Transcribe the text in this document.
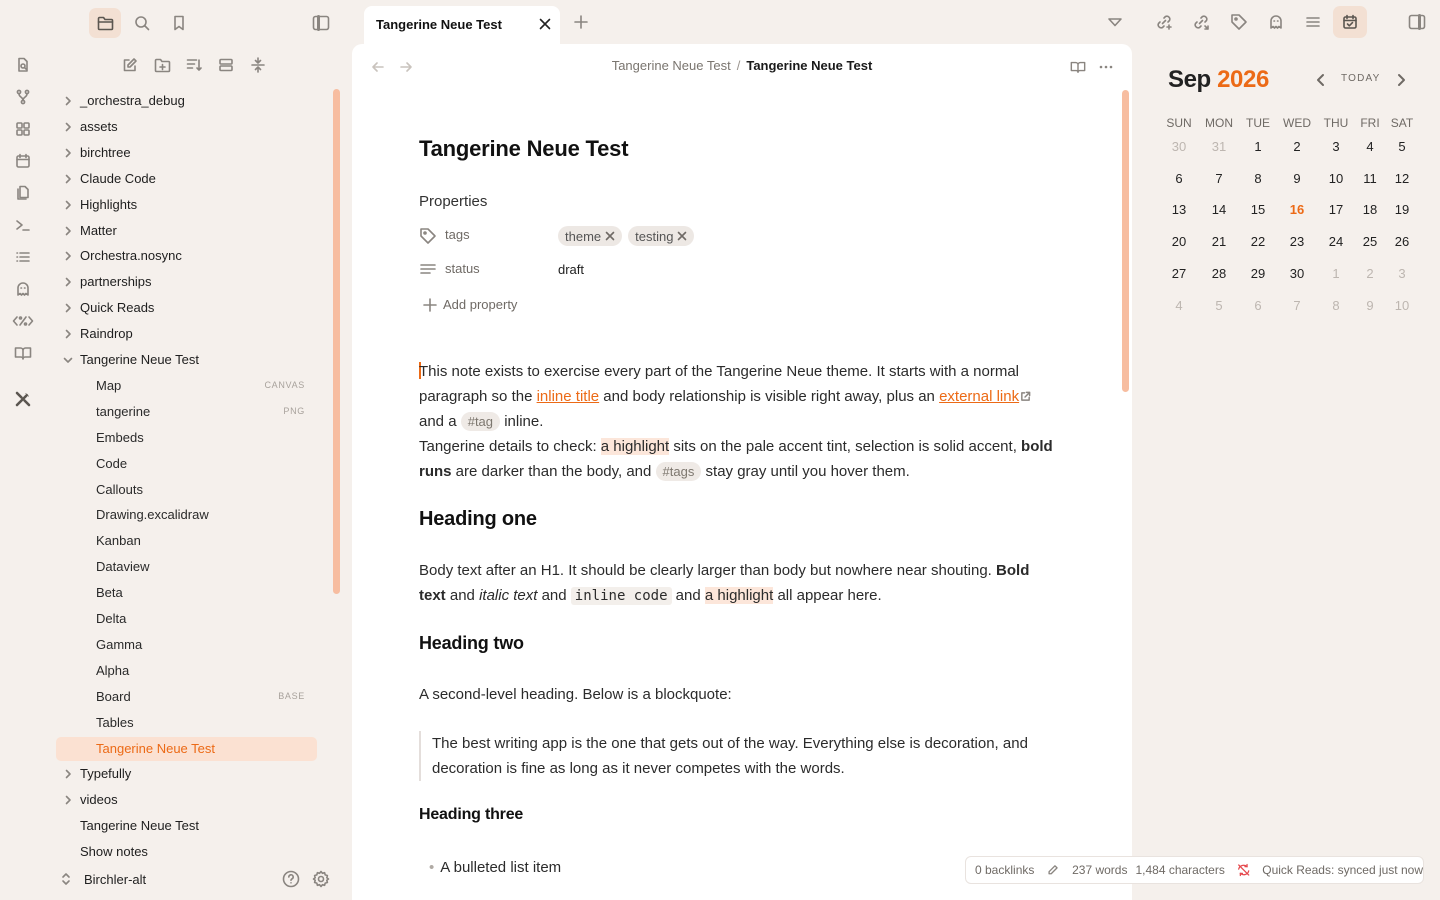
_orchestra_debug
assets
birchtree
Claude Code
Highlights
Matter
Orchestra.nosync
partnerships
Quick Reads
Raindrop
Tangerine Neue Test
Map	CANVAS
tangerine	PNG
Embeds
Code
Callouts
Drawing.excalidraw
Kanban
Dataview
Beta
Delta
Gamma
Alpha
Board	BASE
Tables
Tangerine Neue Test
Typefully
videos
Tangerine Neue Test
Show notes
Birchler-alt
Tangerine Neue Test
Tangerine Neue Test / Tangerine Neue Test
Tangerine Neue Test
Properties
tags	theme	testing
status	draft
Add property
This note exists to exercise every part of the Tangerine Neue theme. It starts with a normal paragraph so the inline title and body relationship is visible right away, plus an external link and a #tag inline.
Tangerine details to check: a highlight sits on the pale accent tint, selection is solid accent, bold runs are darker than the body, and #tags stay gray until you hover them.
Heading one
Body text after an H1. It should be clearly larger than body but nowhere near shouting. Bold text and italic text and inline code and a highlight all appear here.
Heading two
A second-level heading. Below is a blockquote:
The best writing app is the one that gets out of the way. Everything else is decoration, and decoration is fine as long as it never competes with the words.
Heading three
• A bulleted list item
Sep 2026	TODAY
SUN	MON	TUE	WED	THU	FRI SAT
30	31	1	2	3	4	5
6	7	8	9	10	11	12
13	14	15	16	17	18	19
20	21	22	23	24	25	26
27	28	29	30	1	2	3
4	5	6	7	8	9	10
0 backlinks	237 words 1,484 characters	Quick Reads: synced just now
